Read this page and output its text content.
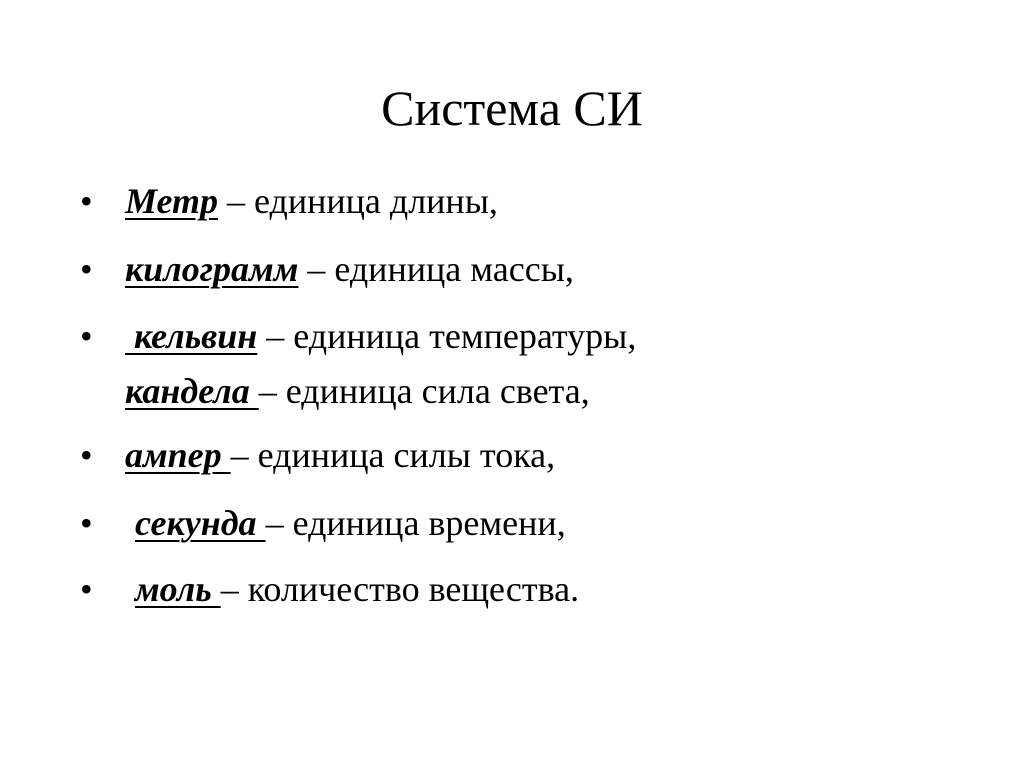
Система СИ
• Метр – единица длины,
• килограмм – единица массы,
• кельвин – единица температуры,
кандела – единица сила света,
• ампер – единица силы тока,
• секунда – единица времени,
• моль – количество вещества.
